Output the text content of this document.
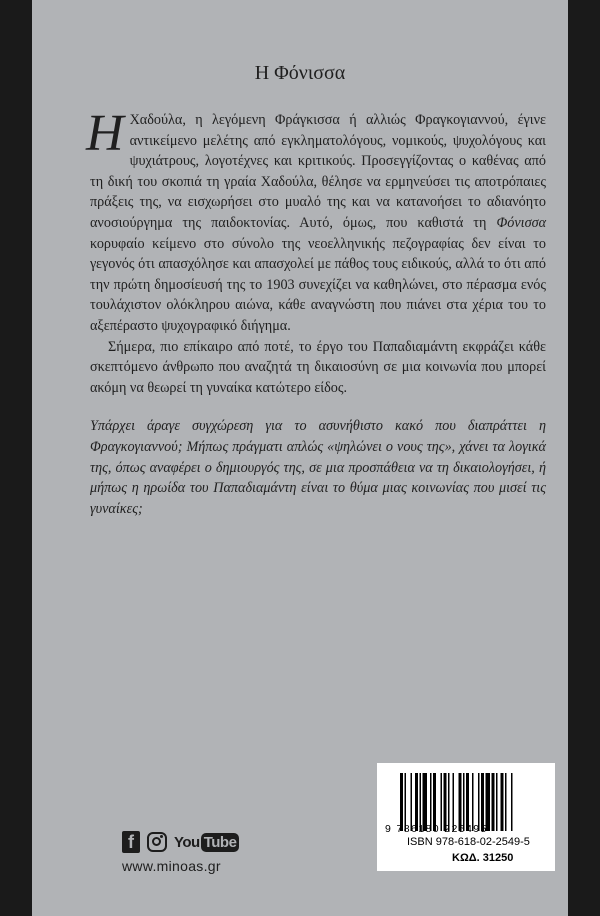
Η Φόνισσα

Η Χαδούλα, η λεγόμενη Φράγκισσα ή αλλιώς Φραγκογιαννού, έγινε αντικείμενο μελέτης από εγκληματολόγους, νομικούς, ψυχολόγους και ψυχιάτρους, λογοτέχνες και κριτικούς. Προσεγγίζοντας ο καθένας από τη δική του σκοπιά τη γραία Χαδούλα, θέλησε να ερμηνεύσει τις αποτρόπαιες πράξεις της, να εισχωρήσει στο μυαλό της και να κατανοήσει το αδιανόητο ανοσιούργημα της παιδοκτονίας. Αυτό, όμως, που καθιστά τη Φόνισσα κορυφαίο κείμενο στο σύνολο της νεοελληνικής πεζογραφίας δεν είναι το γεγονός ότι απασχόλησε και απασχολεί με πάθος τους ειδικούς, αλλά το ότι από την πρώτη δημοσίευσή της το 1903 συνεχίζει να καθηλώνει, στο πέρασμα ενός τουλάχιστον ολόκληρου αιώνα, κάθε αναγνώστη που πιάνει στα χέρια του το αξεπέραστο ψυχογραφικό διήγημα.

Σήμερα, πιο επίκαιρο από ποτέ, το έργο του Παπαδιαμάντη εκφράζει κάθε σκεπτόμενο άνθρωπο που αναζητά τη δικαιοσύνη σε μια κοινωνία που μπορεί ακόμη να θεωρεί τη γυναίκα κατώτερο είδος.

Υπάρχει άραγε συγχώρεση για το ασυνήθιστο κακό που διαπράττει η Φραγκογιαννού; Μήπως πράγματι απλώς «ψηλώνει ο νους της», χάνει τα λογικά της, όπως αναφέρει ο δημιουργός της, σε μια προσπάθεια να τη δικαιολογήσει, ή μήπως η ηρωίδα του Παπαδιαμάντη είναι το θύμα μιας κοινωνίας που μισεί τις γυναίκες;

f	You Tube
www.minoas.gr
9 786180 225495
ISBN 978-618-02-2549-5
ΚΩΔ. 31250
